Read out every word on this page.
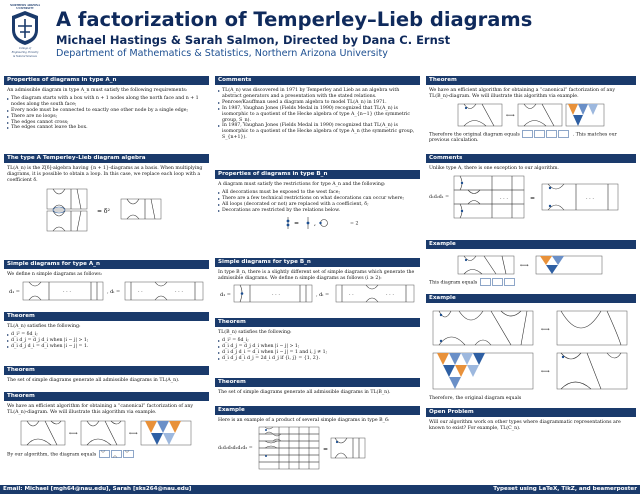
NORTHERN ARIZONA UNIVERSITY
College of
Engineering, Forestry
& Natural Sciences
A factorization of Temperley–Lieb diagrams
Michael Hastings & Sarah Salmon, Directed by Dana C. Ernst
Department of Mathematics & Statistics, Northern Arizona University
Properties of diagrams in type A_n

An admissible diagram in type A_n must satisfy the following requirements:

▸ The diagram starts with a box with n + 1 nodes along the north face and n + 1 nodes along the south face;
▸ Every node must be connected to exactly one other node by a single edge;
▸ There are no loops;
▸ The edges cannot cross;
▸ The edges cannot leave the box.
The type A Temperley–Lieb diagram algebra

TL(A_n) is the Z[δ]-algebra having {n + 1}-diagrams as a basis. When multiplying diagrams, it is possible to obtain a loop. In this case, we replace each loop with a coefficient δ.

= δ²
Simple diagrams for type A_n

We define n simple diagrams as follows:

d₁ =	· · ·	, dᵢ =	· ·	· · ·
Theorem

TL(A_n) satisfies the following:

▸ d_i² = δd_i;
▸ d_i d_j = d_j d_i when |i − j| > 1;
▸ d_i d_j d_i = d_i when |i − j| = 1.
Theorem

The set of simple diagrams generate all admissible diagrams in TL(A_n).

Theorem

We have an efficient algorithm for obtaining a “canonical” factorization of any TL(A_n)-diagram. We will illustrate this algorithm via example.

⟷	⟷

By our algorithm, the diagram equals

Comments
▸ TL(A_n) was discovered in 1971 by Temperley and Lieb as an algebra with abstract generators and a presentation with the stated relations.
▸ Penrose/Kauffman used a diagram algebra to model TL(A_n) in 1971.
▸ In 1987, Vaughan Jones (Fields Medal in 1990) recognized that TL(A_n) is isomorphic to a quotient of the Hecke algebra of type A_{n−1} (the symmetric group, S_n).
▸ In 1987, Vaughan Jones (Fields Medal in 1990) recognized that TL(A_n) is isomorphic to a quotient of the Hecke algebra of type A_n (the symmetric group, S_{n+1}).
Properties of diagrams in type B_n

A diagram must satisfy the restrictions for type A_n and the following:

▸ All decorations must be exposed to the west face;
▸ There are a few technical restrictions on what decorations can occur where;
▸ All loops (decorated or not) are replaced with a coefficient, δ;
▸ Decorations are restricted by the relations below.
= ,	= 2
Simple diagrams for type B_n

In type B_n, there is a slightly different set of simple diagrams which generate the admissible diagrams. We define n simple diagrams as follows (i ≥ 2):

d₁ =	· · ·	, dᵢ =	· ·	· · ·
Theorem

TL(B_n) satisfies the following:

▸ d_i² = δd_i;
▸ d_i d_j = d_j d_i when |i − j| > 1;
▸ d_i d_j d_i = d_i when |i − j| = 1 and i, j ≠ 1;
▸ d_i d_j d_i d_j = 2d_i d_j if {i, j} = {1, 2}.
Theorem

The set of simple diagrams generate all admissible diagrams in TL(B_n).

Example

Here is an example of a product of several simple diagrams in type B_6:

d₁d₂d₃d₂d₁d₂ =	=
Theorem

We have an efficient algorithm for obtaining a “canonical” factorization of any TL(B_n)-diagram. We will illustrate this algorithm via example.

⟷

Therefore the original diagram equals	. This matches our previous calculation.

Comments

Unlike type A, there is one exception to our algorithm.

d₁d₂d₁ =	· · ·	=	· · ·
Example
⟷

This diagram equals

Example
⟷
⟷

Therefore, the original diagram equals

Open Problem

Will our algorithm work on other types where diagrammatic representations are known to exist? For example, TL(C_n).

Email: Michael [mgh64@nau.edu], Sarah [sks264@nau.edu]	Typeset using LaTeX, TikZ, and beamerposter
